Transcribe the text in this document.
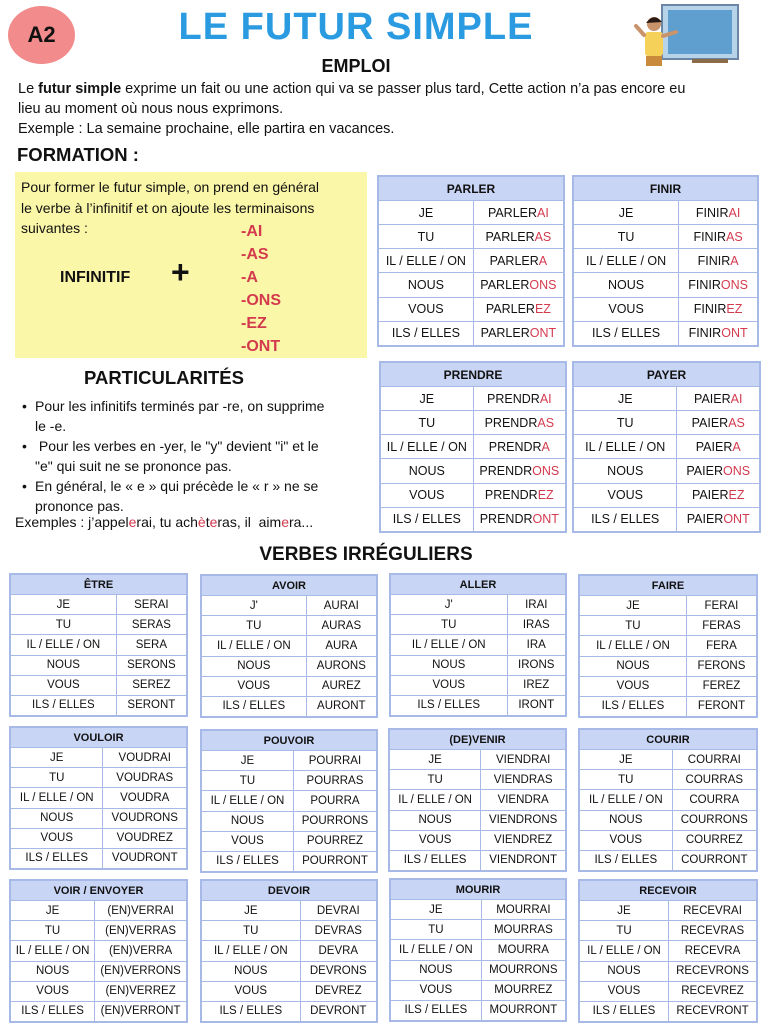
A2	LE FUTUR SIMPLE
EMPLOI

Le futur simple exprime un fait ou une action qui va se passer plus tard, Cette action n’a pas encore eu

lieu au moment où nous nous exprimons.

Exemple : La semaine prochaine, elle partira en vacances.

FORMATION :
Pour former le futur simple, on prend en général
le verbe à l’infinitif et on ajoute les terminaisons
suivantes :
INFINITIF +
-AI
-AS
-A
-ONS
-EZ
-ONT
PARTICULARITÉS
• Pour les infinitifs terminés par -re, on supprime
le -e.
•  Pour les verbes en -yer, le "y" devient "i" et le
"e" qui suit ne se prononce pas.
• En général, le « e » qui précède le « r » ne se
prononce pas.
Exemples : j’appelerai, tu achèteras, il  aimera...
PARLER	
JE	PARLERAI
TU	PARLERAS
IL / ELLE / ON	PARLERA
NOUS	PARLERONS
VOUS	PARLEREZ
ILS / ELLES	PARLERONT
FINIR	
JE	FINIRAI
TU	FINIRAS
IL / ELLE / ON	FINIRA
NOUS	FINIRONS
VOUS	FINIREZ
ILS / ELLES	FINIRONT
PRENDRE	
JE	PRENDRAI
TU	PRENDRAS
IL / ELLE / ON	PRENDRA
NOUS	PRENDRONS
VOUS	PRENDREZ
ILS / ELLES	PRENDRONT
PAYER	
JE	PAIERAI
TU	PAIERAS
IL / ELLE / ON	PAIERA
NOUS	PAIERONS
VOUS	PAIEREZ
ILS / ELLES	PAIERONT
VERBES IRRÉGULIERS
ÊTRE	
JE	SERAI
TU	SERAS
IL / ELLE / ON	SERA
NOUS	SERONS
VOUS	SEREZ
ILS / ELLES	SERONT
AVOIR	
J'	AURAI
TU	AURAS
IL / ELLE / ON	AURA
NOUS	AURONS
VOUS	AUREZ
ILS / ELLES	AURONT
ALLER	
J'	IRAI
TU	IRAS
IL / ELLE / ON	IRA
NOUS	IRONS
VOUS	IREZ
ILS / ELLES	IRONT
FAIRE	
JE	FERAI
TU	FERAS
IL / ELLE / ON	FERA
NOUS	FERONS
VOUS	FEREZ
ILS / ELLES	FERONT
VOULOIR	
JE	VOUDRAI
TU	VOUDRAS
IL / ELLE / ON	VOUDRA
NOUS	VOUDRONS
VOUS	VOUDREZ
ILS / ELLES	VOUDRONT
POUVOIR	
JE	POURRAI
TU	POURRAS
IL / ELLE / ON	POURRA
NOUS	POURRONS
VOUS	POURREZ
ILS / ELLES	POURRONT
(DE)VENIR	
JE	VIENDRAI
TU	VIENDRAS
IL / ELLE / ON	VIENDRA
NOUS	VIENDRONS
VOUS	VIENDREZ
ILS / ELLES	VIENDRONT
COURIR	
JE	COURRAI
TU	COURRAS
IL / ELLE / ON	COURRA
NOUS	COURRONS
VOUS	COURREZ
ILS / ELLES	COURRONT
VOIR / ENVOYER	
JE	(EN)VERRAI
TU	(EN)VERRAS
IL / ELLE / ON	(EN)VERRA
NOUS	(EN)VERRONS
VOUS	(EN)VERREZ
ILS / ELLES	(EN)VERRONT
DEVOIR	
JE	DEVRAI
TU	DEVRAS
IL / ELLE / ON	DEVRA
NOUS	DEVRONS
VOUS	DEVREZ
ILS / ELLES	DEVRONT
MOURIR	
JE	MOURRAI
TU	MOURRAS
IL / ELLE / ON	MOURRA
NOUS	MOURRONS
VOUS	MOURREZ
ILS / ELLES	MOURRONT
RECEVOIR	
JE	RECEVRAI
TU	RECEVRAS
IL / ELLE / ON	RECEVRA
NOUS	RECEVRONS
VOUS	RECEVREZ
ILS / ELLES	RECEVRONT
